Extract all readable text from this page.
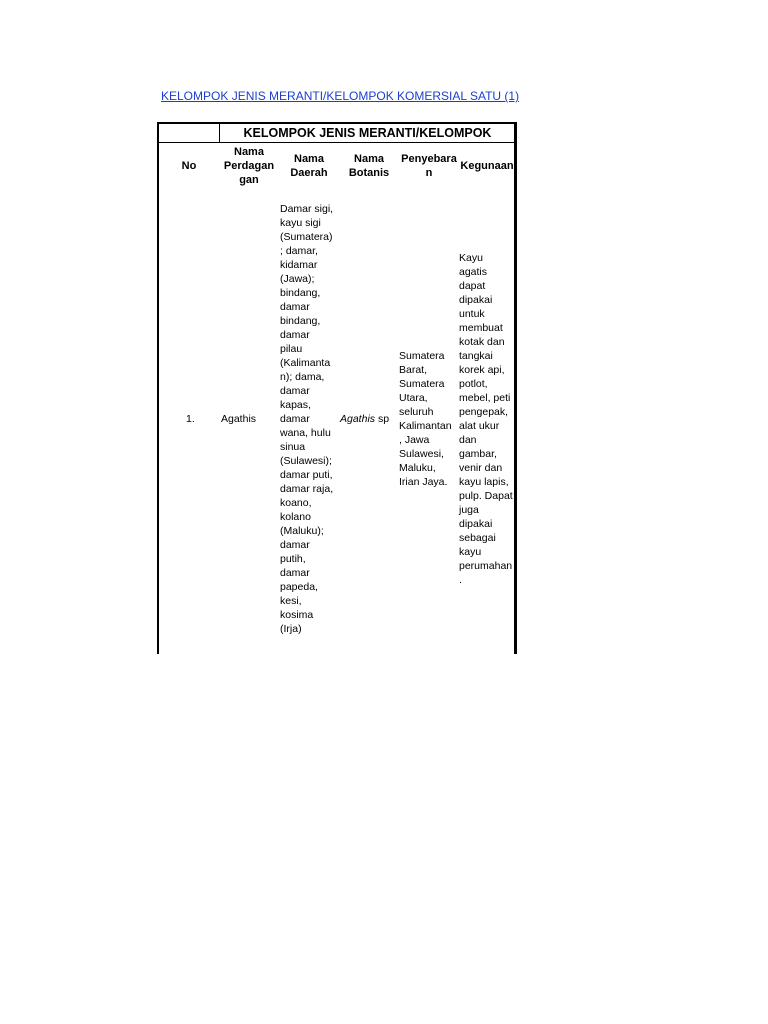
KELOMPOK JENIS MERANTI/KELOMPOK KOMERSIAL SATU (1)
KELOMPOK JENIS MERANTI/KELOMPOK
No
Nama
Perdagan
gan
Nama
Daerah
Nama
Botanis
Penyebara
n
Kegunaan
1. Agathis
Damar sigi,
kayu sigi
(Sumatera)
; damar,
kidamar
(Jawa);
bindang,
damar
bindang,
damar
pilau
(Kalimanta
n); dama,
damar
kapas,
damar
wana, hulu
sinua
(Sulawesi);
damar puti,
damar raja,
koano,
kolano
(Maluku);
damar
putih,
damar
papeda,
kesi,
kosima
(Irja)
Agathis sp
Sumatera
Barat,
Sumatera
Utara,
seluruh
Kalimantan
, Jawa
Sulawesi,
Maluku,
Irian Jaya.
Kayu
agatis
dapat
dipakai
untuk
membuat
kotak dan
tangkai
korek api,
potlot,
mebel, peti
pengepak,
alat ukur
dan
gambar,
venir dan
kayu lapis,
pulp. Dapat
juga
dipakai
sebagai
kayu
perumahan
.
